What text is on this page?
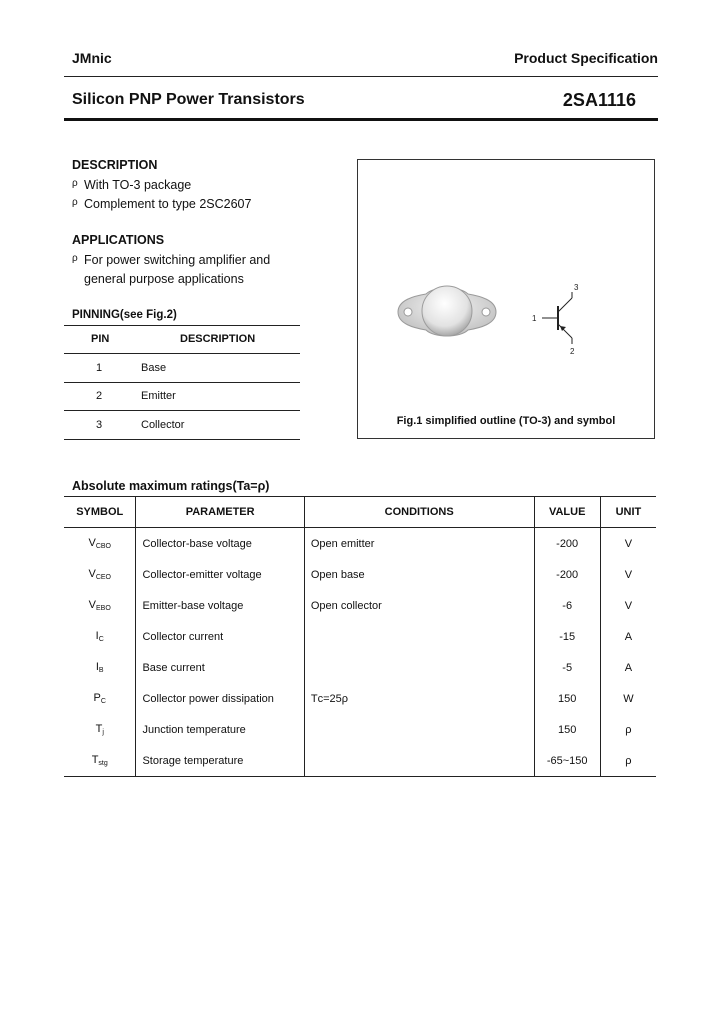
JMnic	Product Specification
Silicon PNP Power Transistors	2SA1116
DESCRIPTION
ρ With TO-3 package
ρ Complement to type 2SC2607
APPLICATIONS
ρ For power switching amplifier and
general purpose applications
PINNING(see Fig.2)
PIN	DESCRIPTION
1	Base
2	Emitter
3	Collector
1
2
3
Fig.1 simplified outline (TO-3) and symbol
Absolute maximum ratings(Ta=ρ)
SYMBOL	PARAMETER	CONDITIONS	VALUE	UNIT
VCBO	Collector-base voltage	Open emitter	-200	V
VCEO	Collector-emitter voltage	Open base	-200	V
VEBO	Emitter-base voltage	Open collector	-6	V
IC	Collector current		-15	A
IB	Base current		-5	A
PC	Collector power dissipation	Tᴄ=25ρ	150	W
Tj	Junction temperature		150	ρ
Tstg	Storage temperature		-65~150	ρ
